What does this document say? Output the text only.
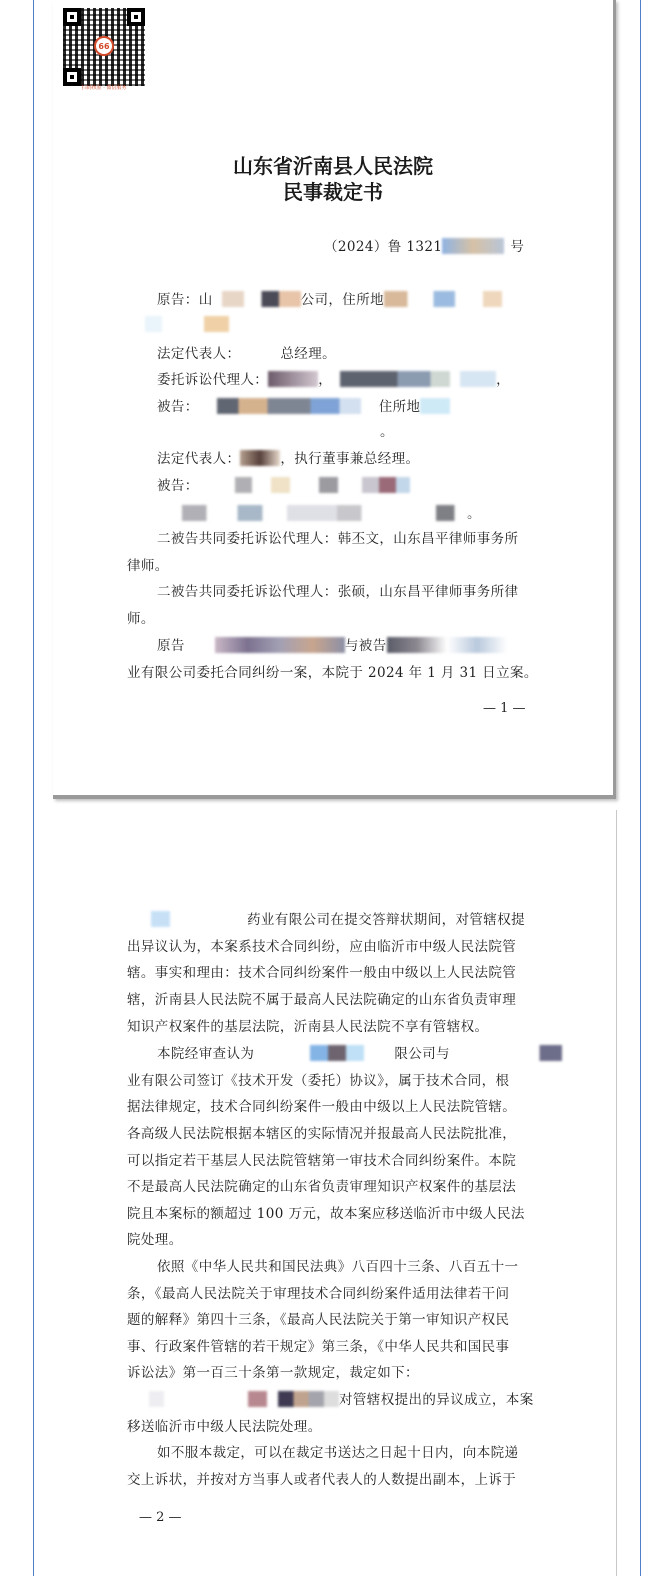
66
扫码核验 · 微信服务
山东省沂南县人民法院
民事裁定书
（2024）鲁 1321	号
原告：山	公司，住所地
法定代表人：	总经理。
委托诉讼代理人：	，	，
被告：	住所地
。
法定代表人：	，执行董事兼总经理。
被告：
。
二被告共同委托诉讼代理人：韩丕文，山东昌平律师事务所
律师。
二被告共同委托诉讼代理人：张硕，山东昌平律师事务所律
师。
原告	与被告
业有限公司委托合同纠纷一案，本院于 2024 年 1 月 31 日立案。
— 1 —
药业有限公司在提交答辩状期间，对管辖权提
出异议认为，本案系技术合同纠纷，应由临沂市中级人民法院管
辖。事实和理由：技术合同纠纷案件一般由中级以上人民法院管
辖，沂南县人民法院不属于最高人民法院确定的山东省负责审理
知识产权案件的基层法院，沂南县人民法院不享有管辖权。
本院经审查认为	限公司与
业有限公司签订《技术开发（委托）协议》，属于技术合同，根
据法律规定，技术合同纠纷案件一般由中级以上人民法院管辖。
各高级人民法院根据本辖区的实际情况并报最高人民法院批准，
可以指定若干基层人民法院管辖第一审技术合同纠纷案件。本院
不是最高人民法院确定的山东省负责审理知识产权案件的基层法
院且本案标的额超过 100 万元，故本案应移送临沂市中级人民法
院处理。
依照《中华人民共和国民法典》八百四十三条、八百五十一
条，《最高人民法院关于审理技术合同纠纷案件适用法律若干问
题的解释》第四十三条，《最高人民法院关于第一审知识产权民
事、行政案件管辖的若干规定》第三条，《中华人民共和国民事
诉讼法》第一百三十条第一款规定，裁定如下：
对管辖权提出的异议成立，本案
移送临沂市中级人民法院处理。
如不服本裁定，可以在裁定书送达之日起十日内，向本院递
交上诉状，并按对方当事人或者代表人的人数提出副本，上诉于
— 2 —
